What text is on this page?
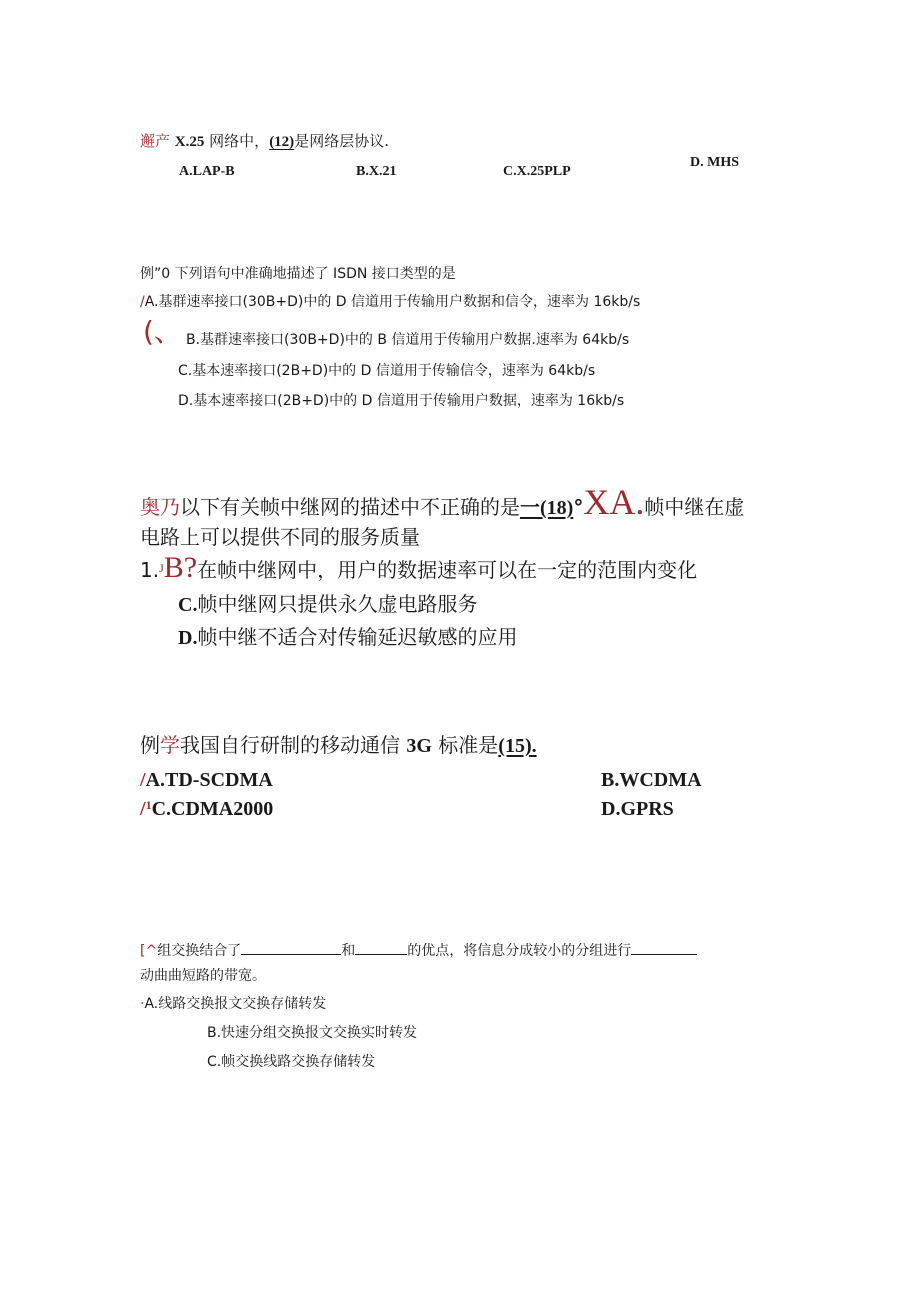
邂产 X.25 网络中，(12)是网络层协议.
A.LAP-B	B.X.21	C.X.25PLP
D. MHS
例”0 下列语句中准确地描述了 ISDN 接口类型的是
/A.基群速率接口(30B+D)中的 D 信道用于传输用户数据和信令，速率为 16kb/s
(、 B.基群速率接口(30B+D)中的 B 信道用于传输用户数据.速率为 64kb/s
C.基本速率接口(2B+D)中的 D 信道用于传输信令，速率为 64kb/s
D.基本速率接口(2B+D)中的 D 信道用于传输用户数据，速率为 16kb/s
奥乃以下有关帧中继网的描述中不正确的是一(18)°XA.帧中继在虚
电路上可以提供不同的服务质量
1.$^J$B?在帧中继网中，用户的数据速率可以在一定的范围内变化
C.帧中继网只提供永久虚电路服务
D.帧中继不适合对传输延迟敏感的应用
例学我国自行研制的移动通信 3G 标准是(15).
/A.TD-SCDMA	B.WCDMA
/$^1$C.CDMA2000	D.GPRS
[^组交换结合了	和	的优点，将信息分成较小的分组进行
动曲曲短路的带宽。
·A.线路交换报文交换存储转发
B.快速分组交换报文交换实时转发
C.帧交换线路交换存储转发
